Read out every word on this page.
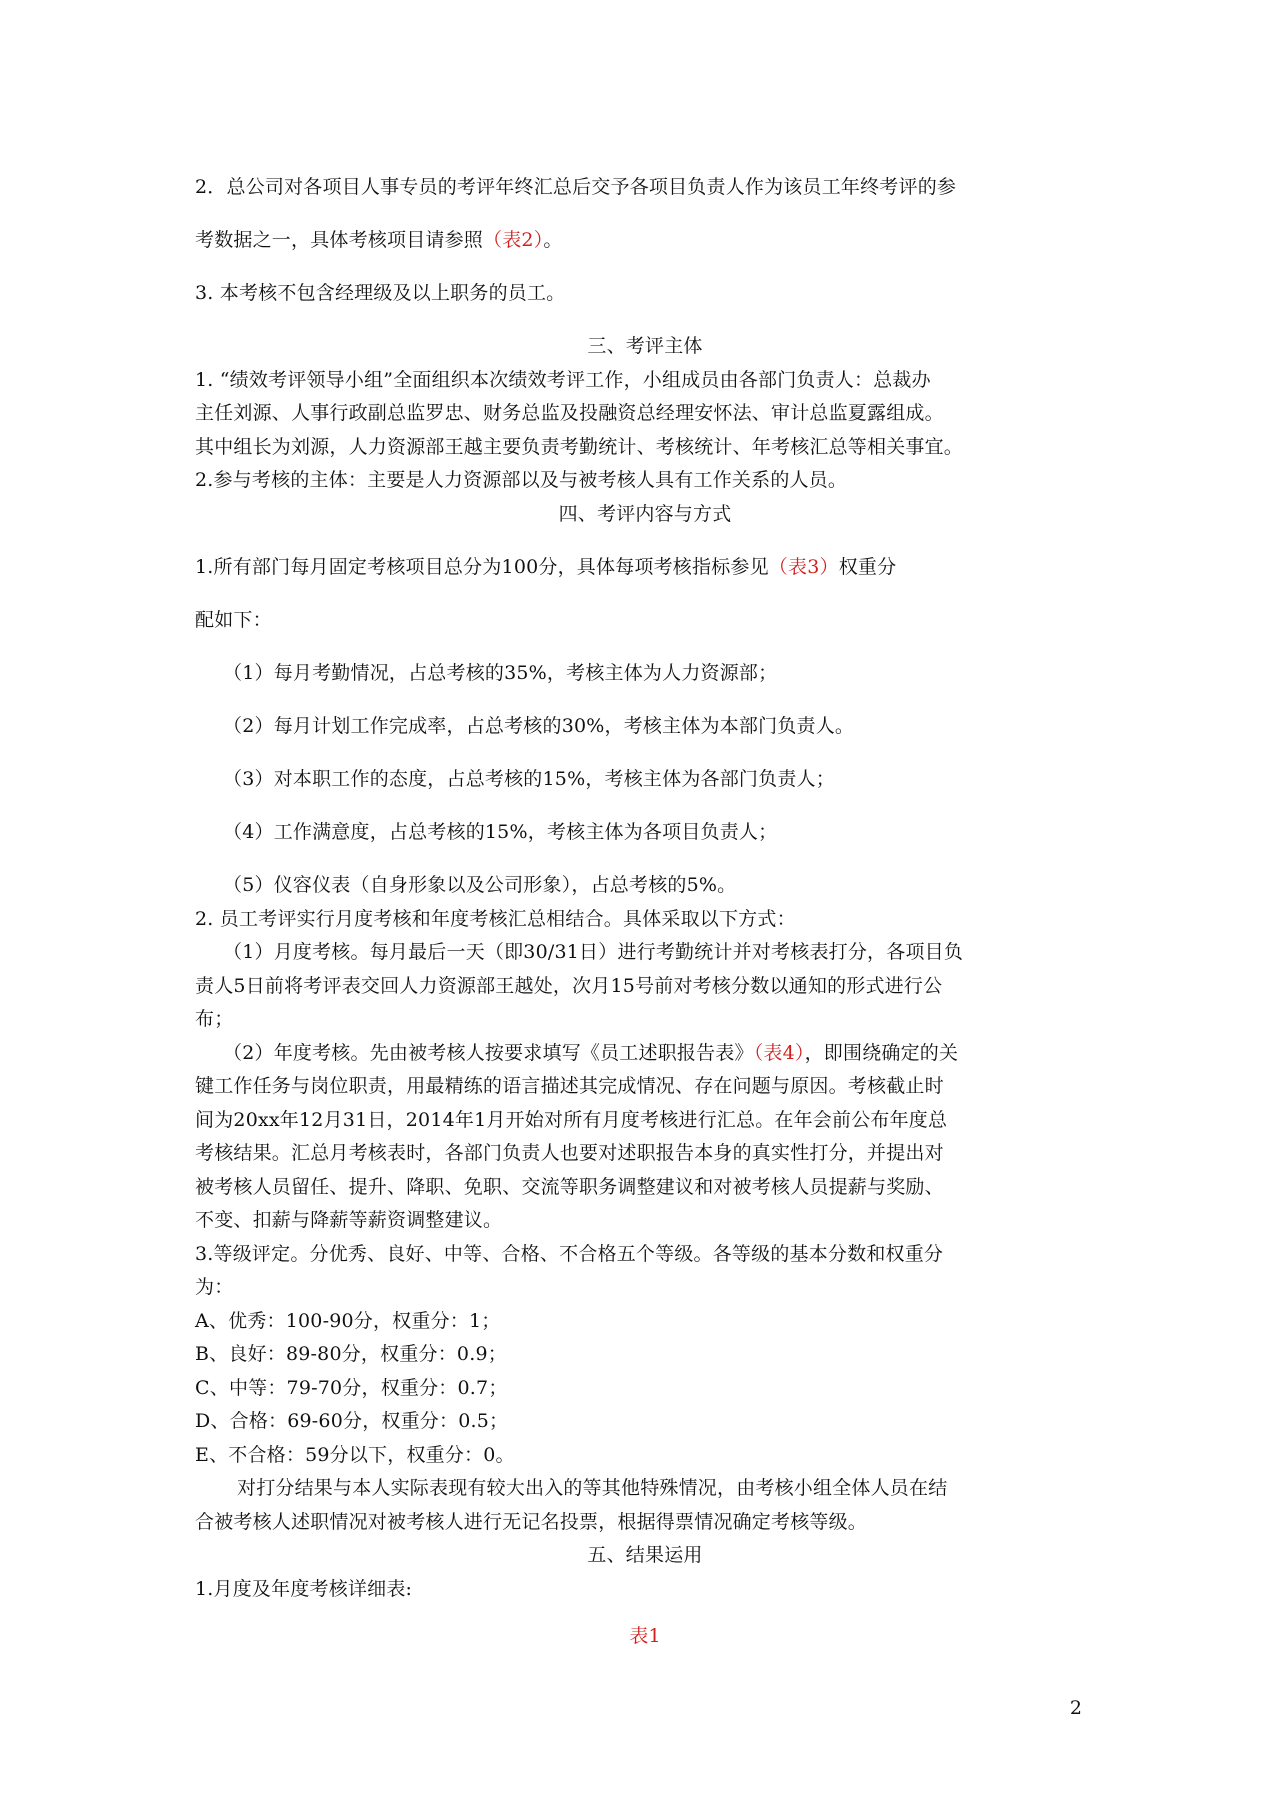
2．总公司对各项目人事专员的考评年终汇总后交予各项目负责人作为该员工年终考评的参

考数据之一，具体考核项目请参照（表2）。

3. 本考核不包含经理级及以上职务的员工。

三、考评主体

1. “绩效考评领导小组”全面组织本次绩效考评工作，小组成员由各部门负责人：总裁办

主任刘源、人事行政副总监罗忠、财务总监及投融资总经理安怀法、审计总监夏露组成。

其中组长为刘源，人力资源部王越主要负责考勤统计、考核统计、年考核汇总等相关事宜。

2.参与考核的主体：主要是人力资源部以及与被考核人具有工作关系的人员。

四、考评内容与方式

1.所有部门每月固定考核项目总分为100分，具体每项考核指标参见（表3）权重分

配如下：

（1）每月考勤情况，占总考核的35%，考核主体为人力资源部；

（2）每月计划工作完成率，占总考核的30%，考核主体为本部门负责人。

（3）对本职工作的态度，占总考核的15%，考核主体为各部门负责人；

（4）工作满意度，占总考核的15%，考核主体为各项目负责人；

（5）仪容仪表（自身形象以及公司形象），占总考核的5%。

2. 员工考评实行月度考核和年度考核汇总相结合。具体采取以下方式：

（1）月度考核。每月最后一天（即30/31日）进行考勤统计并对考核表打分，各项目负

责人5日前将考评表交回人力资源部王越处，次月15号前对考核分数以通知的形式进行公

布；

（2）年度考核。先由被考核人按要求填写《员工述职报告表》（表4），即围绕确定的关

键工作任务与岗位职责，用最精练的语言描述其完成情况、存在问题与原因。考核截止时

间为20xx年12月31日，2014年1月开始对所有月度考核进行汇总。在年会前公布年度总

考核结果。汇总月考核表时，各部门负责人也要对述职报告本身的真实性打分，并提出对

被考核人员留任、提升、降职、免职、交流等职务调整建议和对被考核人员提薪与奖励、

不变、扣薪与降薪等薪资调整建议。

3.等级评定。分优秀、良好、中等、合格、不合格五个等级。各等级的基本分数和权重分

为：

A、优秀：100-90分，权重分：1；

B、良好：89-80分，权重分：0.9；

C、中等：79-70分，权重分：0.7；

D、合格：69-60分，权重分：0.5；

E、不合格：59分以下，权重分：0。

对打分结果与本人实际表现有较大出入的等其他特殊情况，由考核小组全体人员在结

合被考核人述职情况对被考核人进行无记名投票，根据得票情况确定考核等级。

五、结果运用

1.月度及年度考核详细表:

表1

2
